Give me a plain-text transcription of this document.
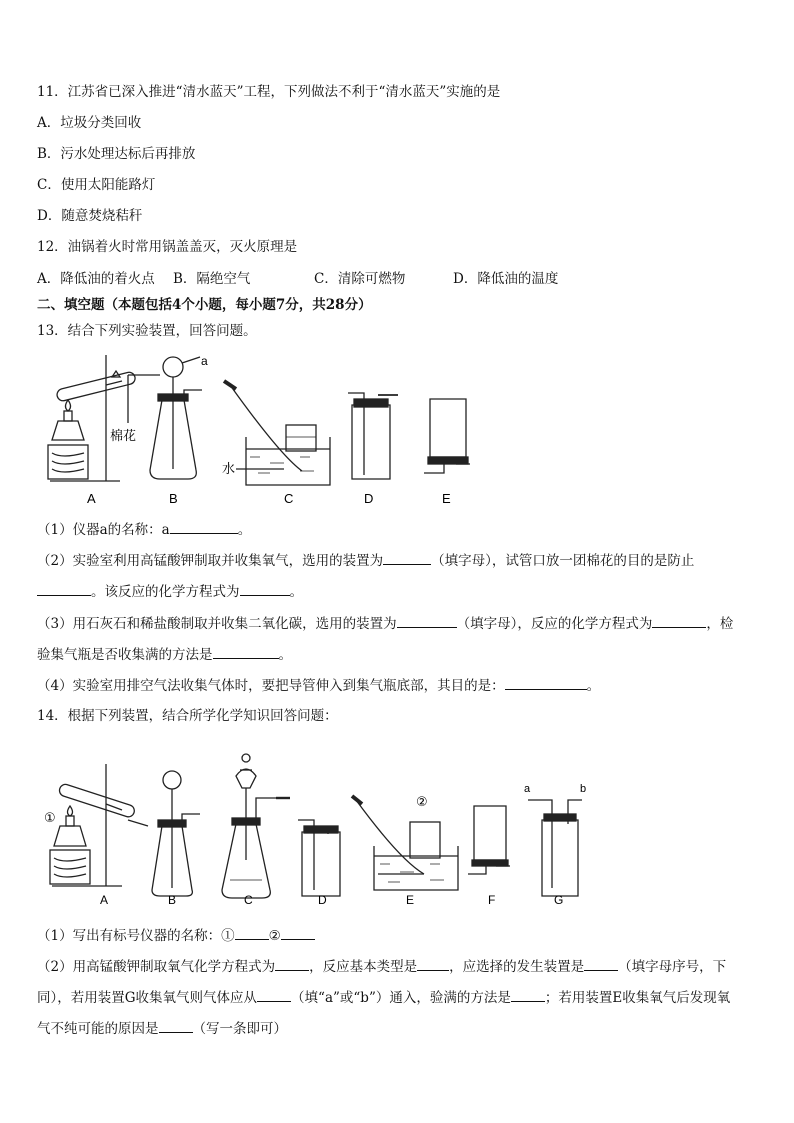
11．江苏省已深入推进“清水蓝天”工程，下列做法不利于“清水蓝天”实施的是
A．垃圾分类回收
B．污水处理达标后再排放
C．使用太阳能路灯
D．随意焚烧秸秆
12．油锅着火时常用锅盖盖灭，灭火原理是
A．降低油的着火点 B．隔绝空气	C．清除可燃物	D．降低油的温度
二、填空题（本题包括4个小题，每小题7分，共28分）
13．结合下列实验装置，回答问题。
a
棉花
水
A	B	C	D	E
（1）仪器a的名称：a	。
（2）实验室利用高锰酸钾制取并收集氧气，选用的装置为	（填字母），试管口放一团棉花的目的是防止
。该反应的化学方程式为	。
（3）用石灰石和稀盐酸制取并收集二氧化碳，选用的装置为	（填字母），反应的化学方程式为	，检
验集气瓶是否收集满的方法是	。
（4）实验室用排空气法收集气体时，要把导管伸入到集气瓶底部，其目的是：	。
14．根据下列装置，结合所学化学知识回答问题：
①
②
a	b
A	B	C	D	E	F	G
（1）写出有标号仪器的名称：①	②
（2）用高锰酸钾制取氧气化学方程式为	，反应基本类型是 ，应选择的发生装置是	（填字母序号，下
同），若用装置G收集氧气则气体应从	（填“a”或“b”）通入，验满的方法是	；若用装置E收集氧气后发现氧
气不纯可能的原因是	（写一条即可）
